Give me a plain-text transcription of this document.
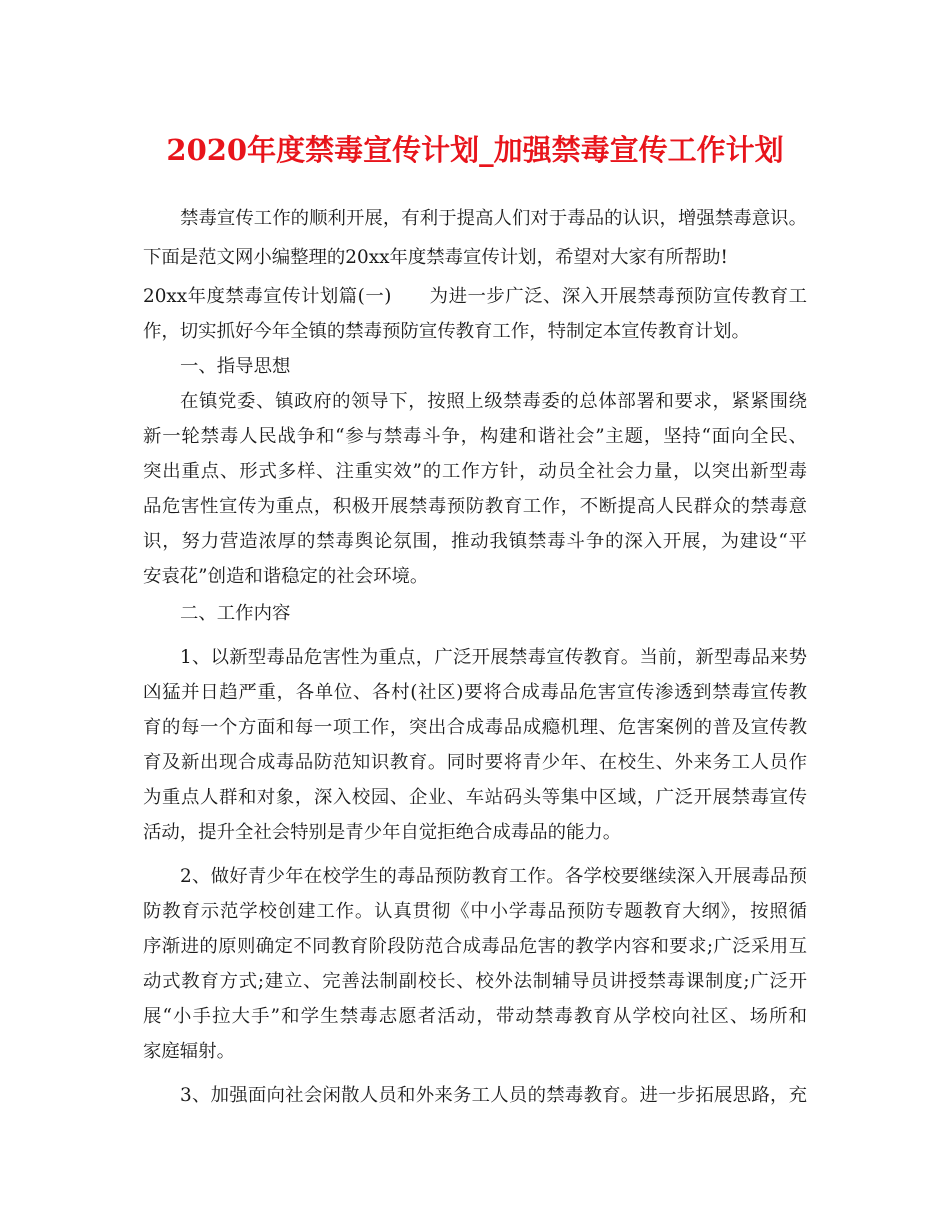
2020年度禁毒宣传计划_加强禁毒宣传工作计划
禁毒宣传工作的顺利开展，有利于提高人们对于毒品的认识，增强禁毒意识。
下面是范文网小编整理的20xx年度禁毒宣传计划，希望对大家有所帮助!
20xx年度禁毒宣传计划篇(一)　　为进一步广泛、深入开展禁毒预防宣传教育工
作，切实抓好今年全镇的禁毒预防宣传教育工作，特制定本宣传教育计划。
一、指导思想
在镇党委、镇政府的领导下，按照上级禁毒委的总体部署和要求，紧紧围绕
新一轮禁毒人民战争和“参与禁毒斗争，构建和谐社会”主题，坚持“面向全民、
突出重点、形式多样、注重实效”的工作方针，动员全社会力量，以突出新型毒
品危害性宣传为重点，积极开展禁毒预防教育工作，不断提高人民群众的禁毒意
识，努力营造浓厚的禁毒舆论氛围，推动我镇禁毒斗争的深入开展，为建设“平
安袁花”创造和谐稳定的社会环境。
二、工作内容
1、以新型毒品危害性为重点，广泛开展禁毒宣传教育。当前，新型毒品来势
凶猛并日趋严重，各单位、各村(社区)要将合成毒品危害宣传渗透到禁毒宣传教
育的每一个方面和每一项工作，突出合成毒品成瘾机理、危害案例的普及宣传教
育及新出现合成毒品防范知识教育。同时要将青少年、在校生、外来务工人员作
为重点人群和对象，深入校园、企业、车站码头等集中区域，广泛开展禁毒宣传
活动，提升全社会特别是青少年自觉拒绝合成毒品的能力。
2、做好青少年在校学生的毒品预防教育工作。各学校要继续深入开展毒品预
防教育示范学校创建工作。认真贯彻《中小学毒品预防专题教育大纲》，按照循
序渐进的原则确定不同教育阶段防范合成毒品危害的教学内容和要求;广泛采用互
动式教育方式;建立、完善法制副校长、校外法制辅导员讲授禁毒课制度;广泛开
展“小手拉大手”和学生禁毒志愿者活动，带动禁毒教育从学校向社区、场所和
家庭辐射。
3、加强面向社会闲散人员和外来务工人员的禁毒教育。进一步拓展思路，充
